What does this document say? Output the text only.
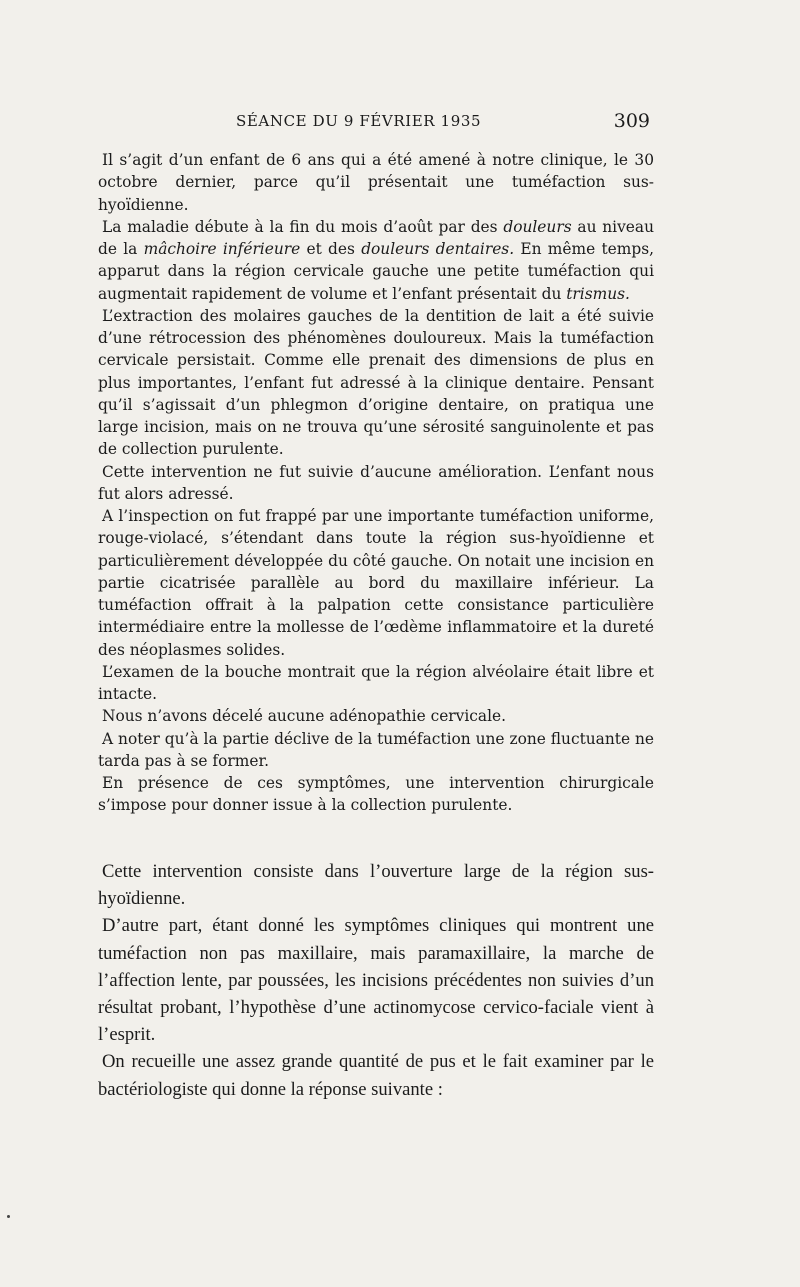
SÉANCE DU 9 FÉVRIER 1935	309

Il s’agit d’un enfant de 6 ans qui a été amené à notre clinique, le 30 octobre dernier, parce qu’il présentait une tuméfaction sus-hyoïdienne.

La maladie débute à la fin du mois d’août par des douleurs au niveau de la mâchoire inférieure et des douleurs dentaires. En même temps, apparut dans la région cervicale gauche une petite tuméfaction qui augmentait rapidement de volume et l’enfant présentait du trismus.

L’extraction des molaires gauches de la dentition de lait a été suivie d’une rétrocession des phénomènes douloureux. Mais la tuméfaction cervicale persistait. Comme elle prenait des dimensions de plus en plus importantes, l’enfant fut adressé à la clinique dentaire. Pensant qu’il s’agissait d’un phlegmon d’origine dentaire, on pratiqua une large incision, mais on ne trouva qu’une sérosité sanguinolente et pas de collection purulente.

Cette intervention ne fut suivie d’aucune amélioration. L’enfant nous fut alors adressé.

A l’inspection on fut frappé par une importante tuméfaction uniforme, rouge-violacé, s’étendant dans toute la région sus-hyoïdienne et particulièrement développée du côté gauche. On notait une incision en partie cicatrisée parallèle au bord du maxillaire inférieur. La tuméfaction offrait à la palpation cette consistance particulière intermédiaire entre la mollesse de l’œdème inflammatoire et la dureté des néoplasmes solides.

L’examen de la bouche montrait que la région alvéolaire était libre et intacte.

Nous n’avons décelé aucune adénopathie cervicale.

A noter qu’à la partie déclive de la tuméfaction une zone fluctuante ne tarda pas à se former.

En présence de ces symptômes, une intervention chirurgicale s’impose pour donner issue à la collection purulente.

Cette intervention consiste dans l’ouverture large de la région sus-hyoïdienne.

D’autre part, étant donné les symptômes cliniques qui montrent une tuméfaction non pas maxillaire, mais paramaxillaire, la marche de l’affection lente, par poussées, les incisions précédentes non suivies d’un résultat probant, l’hypothèse d’une actinomycose cervico-faciale vient à l’esprit.

On recueille une assez grande quantité de pus et le fait examiner par le bactériologiste qui donne la réponse suivante :
